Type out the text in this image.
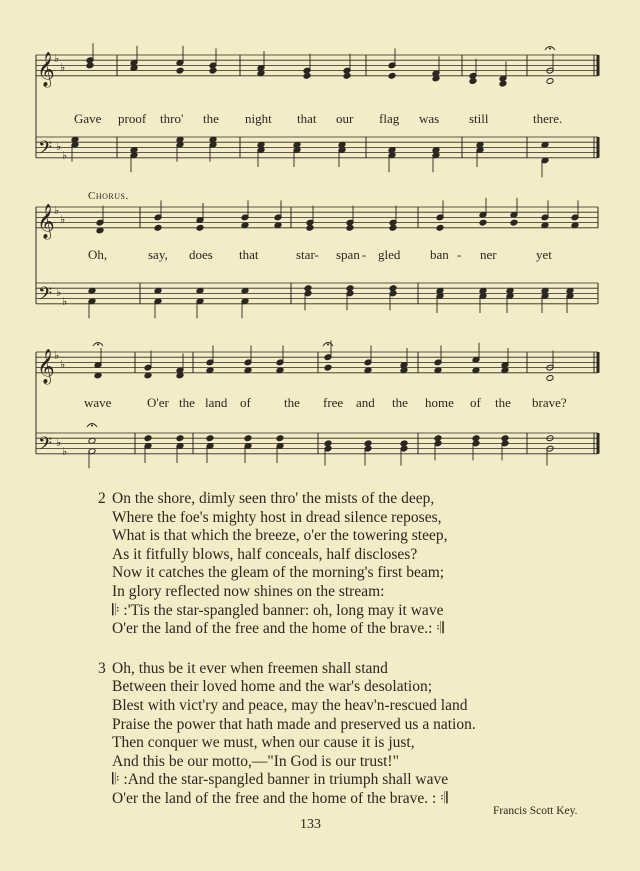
𝄞
𝄢
♭
♭
♭
♭
𝄞
𝄢
♭
♭
♭
♭
𝄞
𝄢
♭
♭
♭
♭
Gave proof thro' the night that our flag was still	there.
Chorus.
Oh,	say, does that	star- span - gled ban - ner	yet
wave	O'er the land of	the free and the home of the brave?
2 On the shore, dimly seen thro' the mists of the deep,
Where the foe's mighty host in dread silence reposes,
What is that which the breeze, o'er the towering steep,
As it fitfully blows, half conceals, half discloses?
Now it catches the gleam of the morning's first beam;
In glory reflected now shines on the stream:
𝄆 :'Tis the star-spangled banner: oh, long may it wave
O'er the land of the free and the home of the brave.: 𝄇
3 Oh, thus be it ever when freemen shall stand
Between their loved home and the war's desolation;
Blest with vict'ry and peace, may the heav'n-rescued land
Praise the power that hath made and preserved us a nation.
Then conquer we must, when our cause it is just,
And this be our motto,—"In God is our trust!"
𝄆 :And the star-spangled banner in triumph shall wave
O'er the land of the free and the home of the brave. : 𝄇
Francis Scott Key.
133
